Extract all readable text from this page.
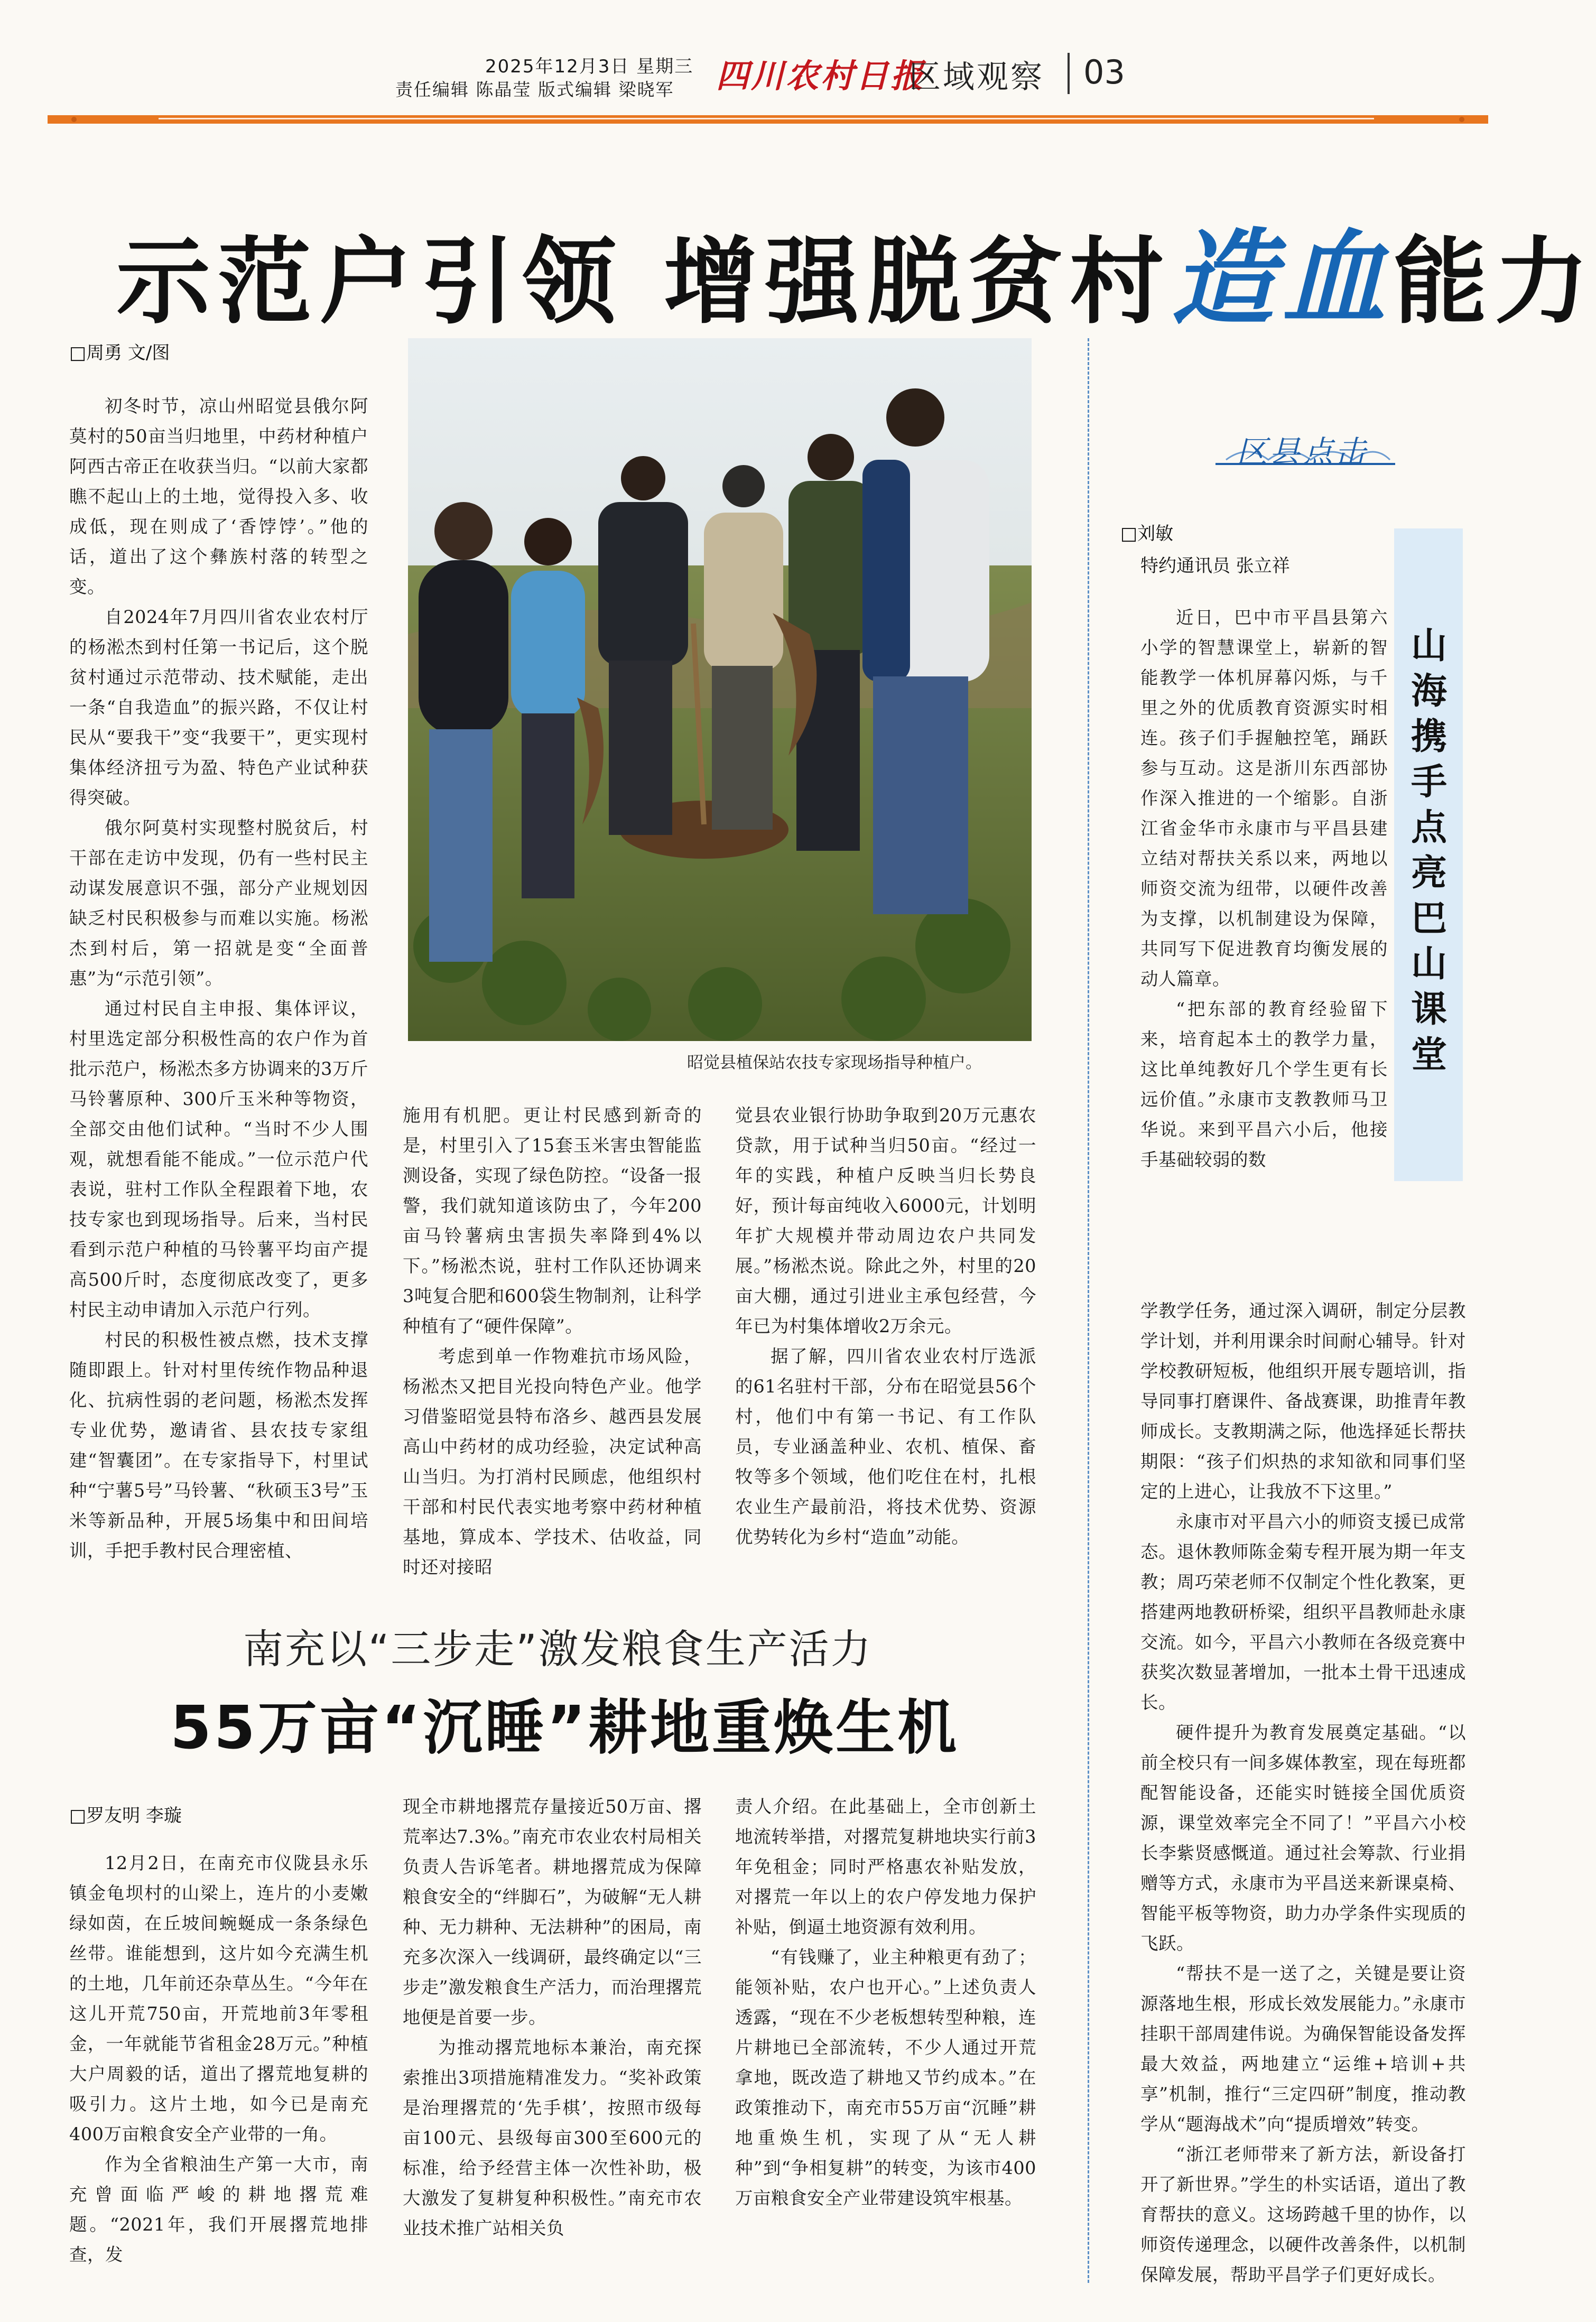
2025年12月3日 星期三
责任编辑 陈晶莹 版式编辑 梁晓军 四川农村日报
区域观察 03
示范户引领 增强脱贫村造血能力
□周勇 文/图

初冬时节，凉山州昭觉县俄尔阿莫村的50亩当归地里，中药材种植户阿西古帝正在收获当归。“以前大家都瞧不起山上的土地，觉得投入多、收成低，现在则成了‘香饽饽’。”他的话，道出了这个彝族村落的转型之变。

自2024年7月四川省农业农村厅的杨淞杰到村任第一书记后，这个脱贫村通过示范带动、技术赋能，走出一条“自我造血”的振兴路，不仅让村民从“要我干”变“我要干”，更实现村集体经济扭亏为盈、特色产业试种获得突破。

俄尔阿莫村实现整村脱贫后，村干部在走访中发现，仍有一些村民主动谋发展意识不强，部分产业规划因缺乏村民积极参与而难以实施。杨淞杰到村后，第一招就是变“全面普惠”为“示范引领”。

通过村民自主申报、集体评议，村里选定部分积极性高的农户作为首批示范户，杨淞杰多方协调来的3万斤马铃薯原种、300斤玉米种等物资，全部交由他们试种。“当时不少人围观，就想看能不能成。”一位示范户代表说，驻村工作队全程跟着下地，农技专家也到现场指导。后来，当村民看到示范户种植的马铃薯平均亩产提高500斤时，态度彻底改变了，更多村民主动申请加入示范户行列。

村民的积极性被点燃，技术支撑随即跟上。针对村里传统作物品种退化、抗病性弱的老问题，杨淞杰发挥专业优势，邀请省、县农技专家组建“智囊团”。在专家指导下，村里试种“宁薯5号”马铃薯、“秋硕玉3号”玉米等新品种，开展5场集中和田间培训，手把手教村民合理密植、

昭觉县植保站农技专家现场指导种植户。

施用有机肥。更让村民感到新奇的是，村里引入了15套玉米害虫智能监测设备，实现了绿色防控。“设备一报警，我们就知道该防虫了，今年200亩马铃薯病虫害损失率降到4%以下。”杨淞杰说，驻村工作队还协调来3吨复合肥和600袋生物制剂，让科学种植有了“硬件保障”。

考虑到单一作物难抗市场风险，杨淞杰又把目光投向特色产业。他学习借鉴昭觉县特布洛乡、越西县发展高山中药材的成功经验，决定试种高山当归。为打消村民顾虑，他组织村干部和村民代表实地考察中药材种植基地，算成本、学技术、估收益，同时还对接昭

觉县农业银行协助争取到20万元惠农贷款，用于试种当归50亩。“经过一年的实践，种植户反映当归长势良好，预计每亩纯收入6000元，计划明年扩大规模并带动周边农户共同发展。”杨淞杰说。除此之外，村里的20亩大棚，通过引进业主承包经营，今年已为村集体增收2万余元。

据了解，四川省农业农村厅选派的61名驻村干部，分布在昭觉县56个村，他们中有第一书记、有工作队员，专业涵盖种业、农机、植保、畜牧等多个领域，他们吃住在村，扎根农业生产最前沿，将技术优势、资源优势转化为乡村“造血”动能。

南充以“三步走”激发粮食生产活力
55万亩“沉睡”耕地重焕生机
□罗友明 李璇

12月2日，在南充市仪陇县永乐镇金龟坝村的山梁上，连片的小麦嫩绿如茵，在丘坡间蜿蜒成一条条绿色丝带。谁能想到，这片如今充满生机的土地，几年前还杂草丛生。“今年在这儿开荒750亩，开荒地前3年零租金，一年就能节省租金28万元。”种植大户周毅的话，道出了撂荒地复耕的吸引力。这片土地，如今已是南充400万亩粮食安全产业带的一角。

作为全省粮油生产第一大市，南充曾面临严峻的耕地撂荒难题。“2021年，我们开展撂荒地排查，发

现全市耕地撂荒存量接近50万亩、撂荒率达7.3%。”南充市农业农村局相关负责人告诉笔者。耕地撂荒成为保障粮食安全的“绊脚石”，为破解“无人耕种、无力耕种、无法耕种”的困局，南充多次深入一线调研，最终确定以“三步走”激发粮食生产活力，而治理撂荒地便是首要一步。

为推动撂荒地标本兼治，南充探索推出3项措施精准发力。“奖补政策是治理撂荒的‘先手棋’，按照市级每亩100元、县级每亩300至600元的标准，给予经营主体一次性补助，极大激发了复耕复种积极性。”南充市农业技术推广站相关负

责人介绍。在此基础上，全市创新土地流转举措，对撂荒复耕地块实行前3年免租金；同时严格惠农补贴发放，对撂荒一年以上的农户停发地力保护补贴，倒逼土地资源有效利用。

“有钱赚了，业主种粮更有劲了；能领补贴，农户也开心。”上述负责人透露，“现在不少老板想转型种粮，连片耕地已全部流转，不少人通过开荒拿地，既改造了耕地又节约成本。”在政策推动下，南充市55万亩“沉睡”耕地重焕生机，实现了从“无人耕种”到“争相复耕”的转变，为该市400万亩粮食安全产业带建设筑牢根基。

区县点击
□刘敏
特约通讯员 张立祥
山海携手 点亮巴山课堂

近日，巴中市平昌县第六小学的智慧课堂上，崭新的智能教学一体机屏幕闪烁，与千里之外的优质教育资源实时相连。孩子们手握触控笔，踊跃参与互动。这是浙川东西部协作深入推进的一个缩影。自浙江省金华市永康市与平昌县建立结对帮扶关系以来，两地以师资交流为纽带，以硬件改善为支撑，以机制建设为保障，共同写下促进教育均衡发展的动人篇章。

“把东部的教育经验留下来，培育起本土的教学力量，这比单纯教好几个学生更有长远价值。”永康市支教教师马卫华说。来到平昌六小后，他接手基础较弱的数

学教学任务，通过深入调研，制定分层教学计划，并利用课余时间耐心辅导。针对学校教研短板，他组织开展专题培训，指导同事打磨课件、备战赛课，助推青年教师成长。支教期满之际，他选择延长帮扶期限：“孩子们炽热的求知欲和同事们坚定的上进心，让我放不下这里。”

永康市对平昌六小的师资支援已成常态。退休教师陈金菊专程开展为期一年支教；周巧荣老师不仅制定个性化教案，更搭建两地教研桥梁，组织平昌教师赴永康交流。如今，平昌六小教师在各级竞赛中获奖次数显著增加，一批本土骨干迅速成长。

硬件提升为教育发展奠定基础。“以前全校只有一间多媒体教室，现在每班都配智能设备，还能实时链接全国优质资源，课堂效率完全不同了！”平昌六小校长李紫贤感慨道。通过社会筹款、行业捐赠等方式，永康市为平昌送来新课桌椅、智能平板等物资，助力办学条件实现质的飞跃。

“帮扶不是一送了之，关键是要让资源落地生根，形成长效发展能力。”永康市挂职干部周建伟说。为确保智能设备发挥最大效益，两地建立“运维+培训+共享”机制，推行“三定四研”制度，推动教学从“题海战术”向“提质增效”转变。

“浙江老师带来了新方法，新设备打开了新世界。”学生的朴实话语，道出了教育帮扶的意义。这场跨越千里的协作，以师资传递理念，以硬件改善条件，以机制保障发展，帮助平昌学子们更好成长。
